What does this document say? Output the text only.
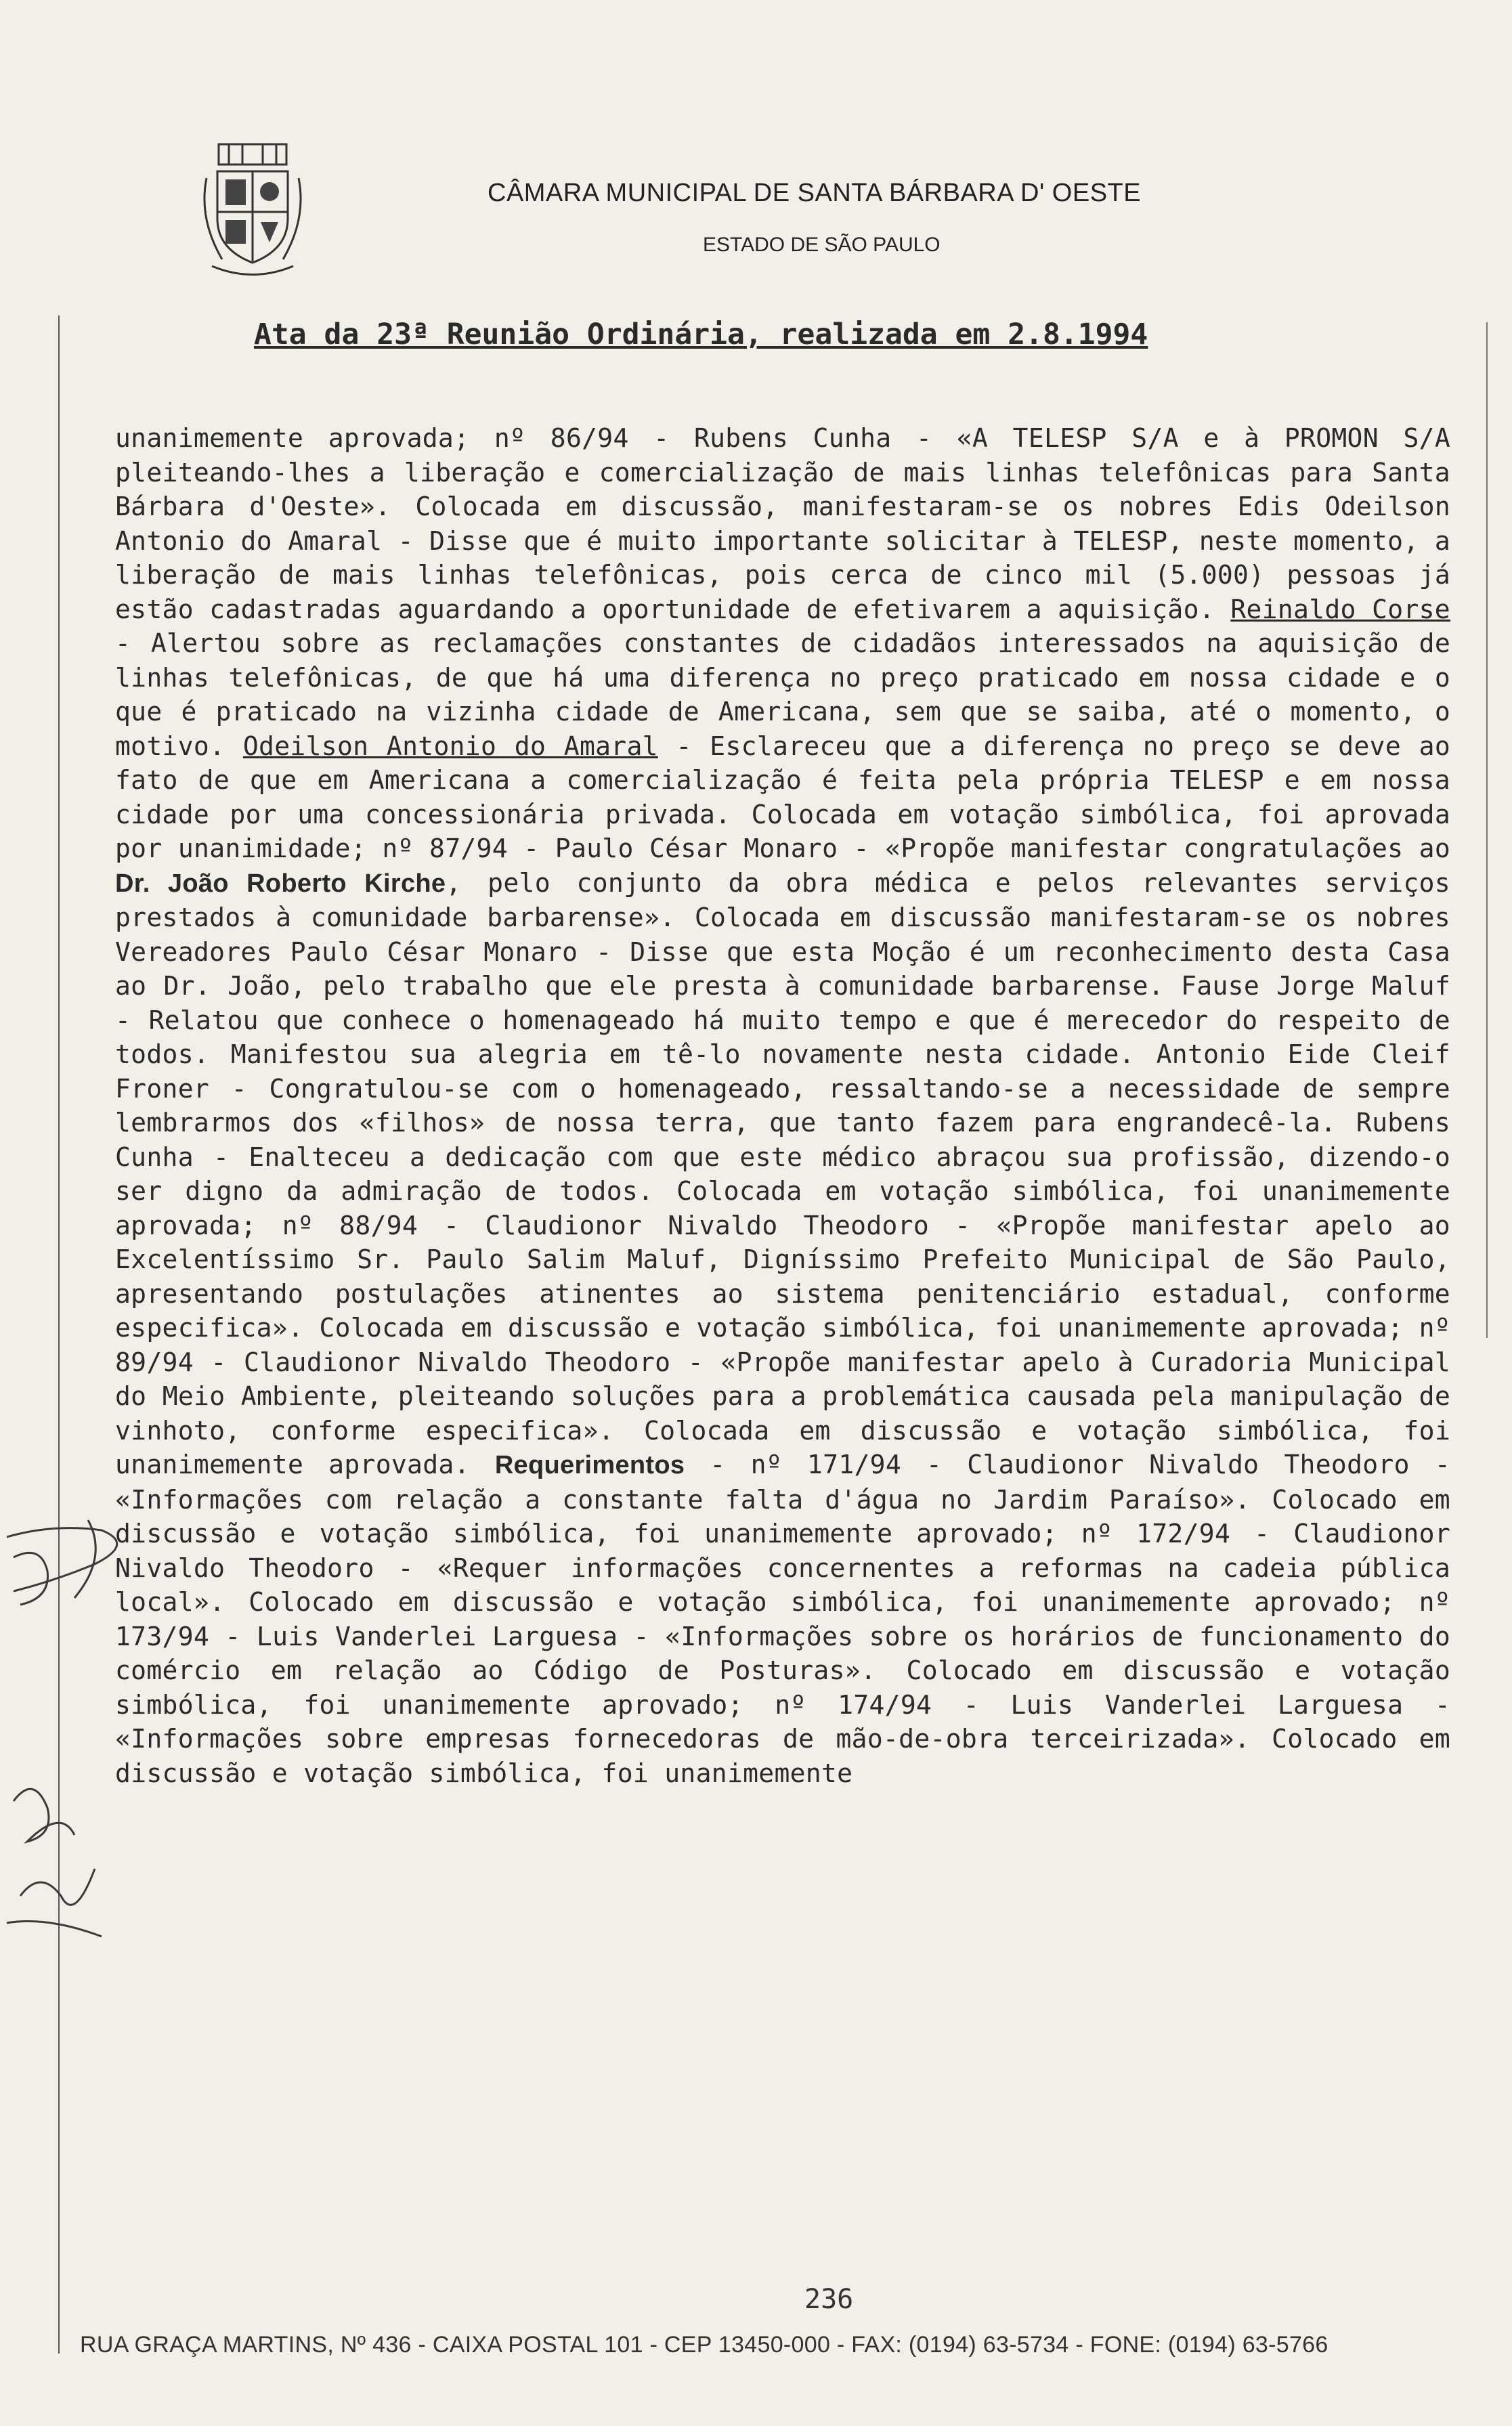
CÂMARA MUNICIPAL DE SANTA BÁRBARA D' OESTE
ESTADO DE SÃO PAULO
Ata da 23ª Reunião Ordinária, realizada em 2.8.1994
unanimemente aprovada; nº 86/94 - Rubens Cunha - «A TELESP S/A e à PROMON S/A pleiteando-lhes a liberação e comercialização de mais linhas telefônicas para Santa Bárbara d'Oeste». Colocada em discussão, manifestaram-se os nobres Edis Odeilson Antonio do Amaral - Disse que é muito importante solicitar à TELESP, neste momento, a liberação de mais linhas telefônicas, pois cerca de cinco mil (5.000) pessoas já estão cadastradas aguardando a oportunidade de efetivarem a aquisição. Reinaldo Corse - Alertou sobre as reclamações constantes de cidadãos interessados na aquisição de linhas telefônicas, de que há uma diferença no preço praticado em nossa cidade e o que é praticado na vizinha cidade de Americana, sem que se saiba, até o momento, o motivo. Odeilson Antonio do Amaral - Esclareceu que a diferença no preço se deve ao fato de que em Americana a comercialização é feita pela própria TELESP e em nossa cidade por uma concessionária privada. Colocada em votação simbólica, foi aprovada por unanimidade; nº 87/94 - Paulo César Monaro - «Propõe manifestar congratulações ao Dr. João Roberto Kirche, pelo conjunto da obra médica e pelos relevantes serviços prestados à comunidade barbarense». Colocada em discussão manifestaram-se os nobres Vereadores Paulo César Monaro - Disse que esta Moção é um reconhecimento desta Casa ao Dr. João, pelo trabalho que ele presta à comunidade barbarense. Fause Jorge Maluf - Relatou que conhece o homenageado há muito tempo e que é merecedor do respeito de todos. Manifestou sua alegria em tê-lo novamente nesta cidade. Antonio Eide Cleif Froner - Congratulou-se com o homenageado, ressaltando-se a necessidade de sempre lembrarmos dos «filhos» de nossa terra, que tanto fazem para engrandecê-la. Rubens Cunha - Enalteceu a dedicação com que este médico abraçou sua profissão, dizendo-o ser digno da admiração de todos. Colocada em votação simbólica, foi unanimemente aprovada; nº 88/94 - Claudionor Nivaldo Theodoro - «Propõe manifestar apelo ao Excelentíssimo Sr. Paulo Salim Maluf, Digníssimo Prefeito Municipal de São Paulo, apresentando postulações atinentes ao sistema penitenciário estadual, conforme especifica». Colocada em discussão e votação simbólica, foi unanimemente aprovada; nº 89/94 - Claudionor Nivaldo Theodoro - «Propõe manifestar apelo à Curadoria Municipal do Meio Ambiente, pleiteando soluções para a problemática causada pela manipulação de vinhoto, conforme especifica». Colocada em discussão e votação simbólica, foi unanimemente aprovada. Requerimentos - nº 171/94 - Claudionor Nivaldo Theodoro - «Informações com relação a constante falta d'água no Jardim Paraíso». Colocado em discussão e votação simbólica, foi unanimemente aprovado; nº 172/94 - Claudionor Nivaldo Theodoro - «Requer informações concernentes a reformas na cadeia pública local». Colocado em discussão e votação simbólica, foi unanimemente aprovado; nº 173/94 - Luis Vanderlei Larguesa - «Informações sobre os horários de funcionamento do comércio em relação ao Código de Posturas». Colocado em discussão e votação simbólica, foi unanimemente aprovado; nº 174/94 - Luis Vanderlei Larguesa - «Informações sobre empresas fornecedoras de mão-de-obra terceirizada». Colocado em discussão e votação simbólica, foi unanimemente
236
RUA GRAÇA MARTINS, Nº 436 - CAIXA POSTAL 101 - CEP 13450-000 - FAX: (0194) 63-5734 - FONE: (0194) 63-5766
